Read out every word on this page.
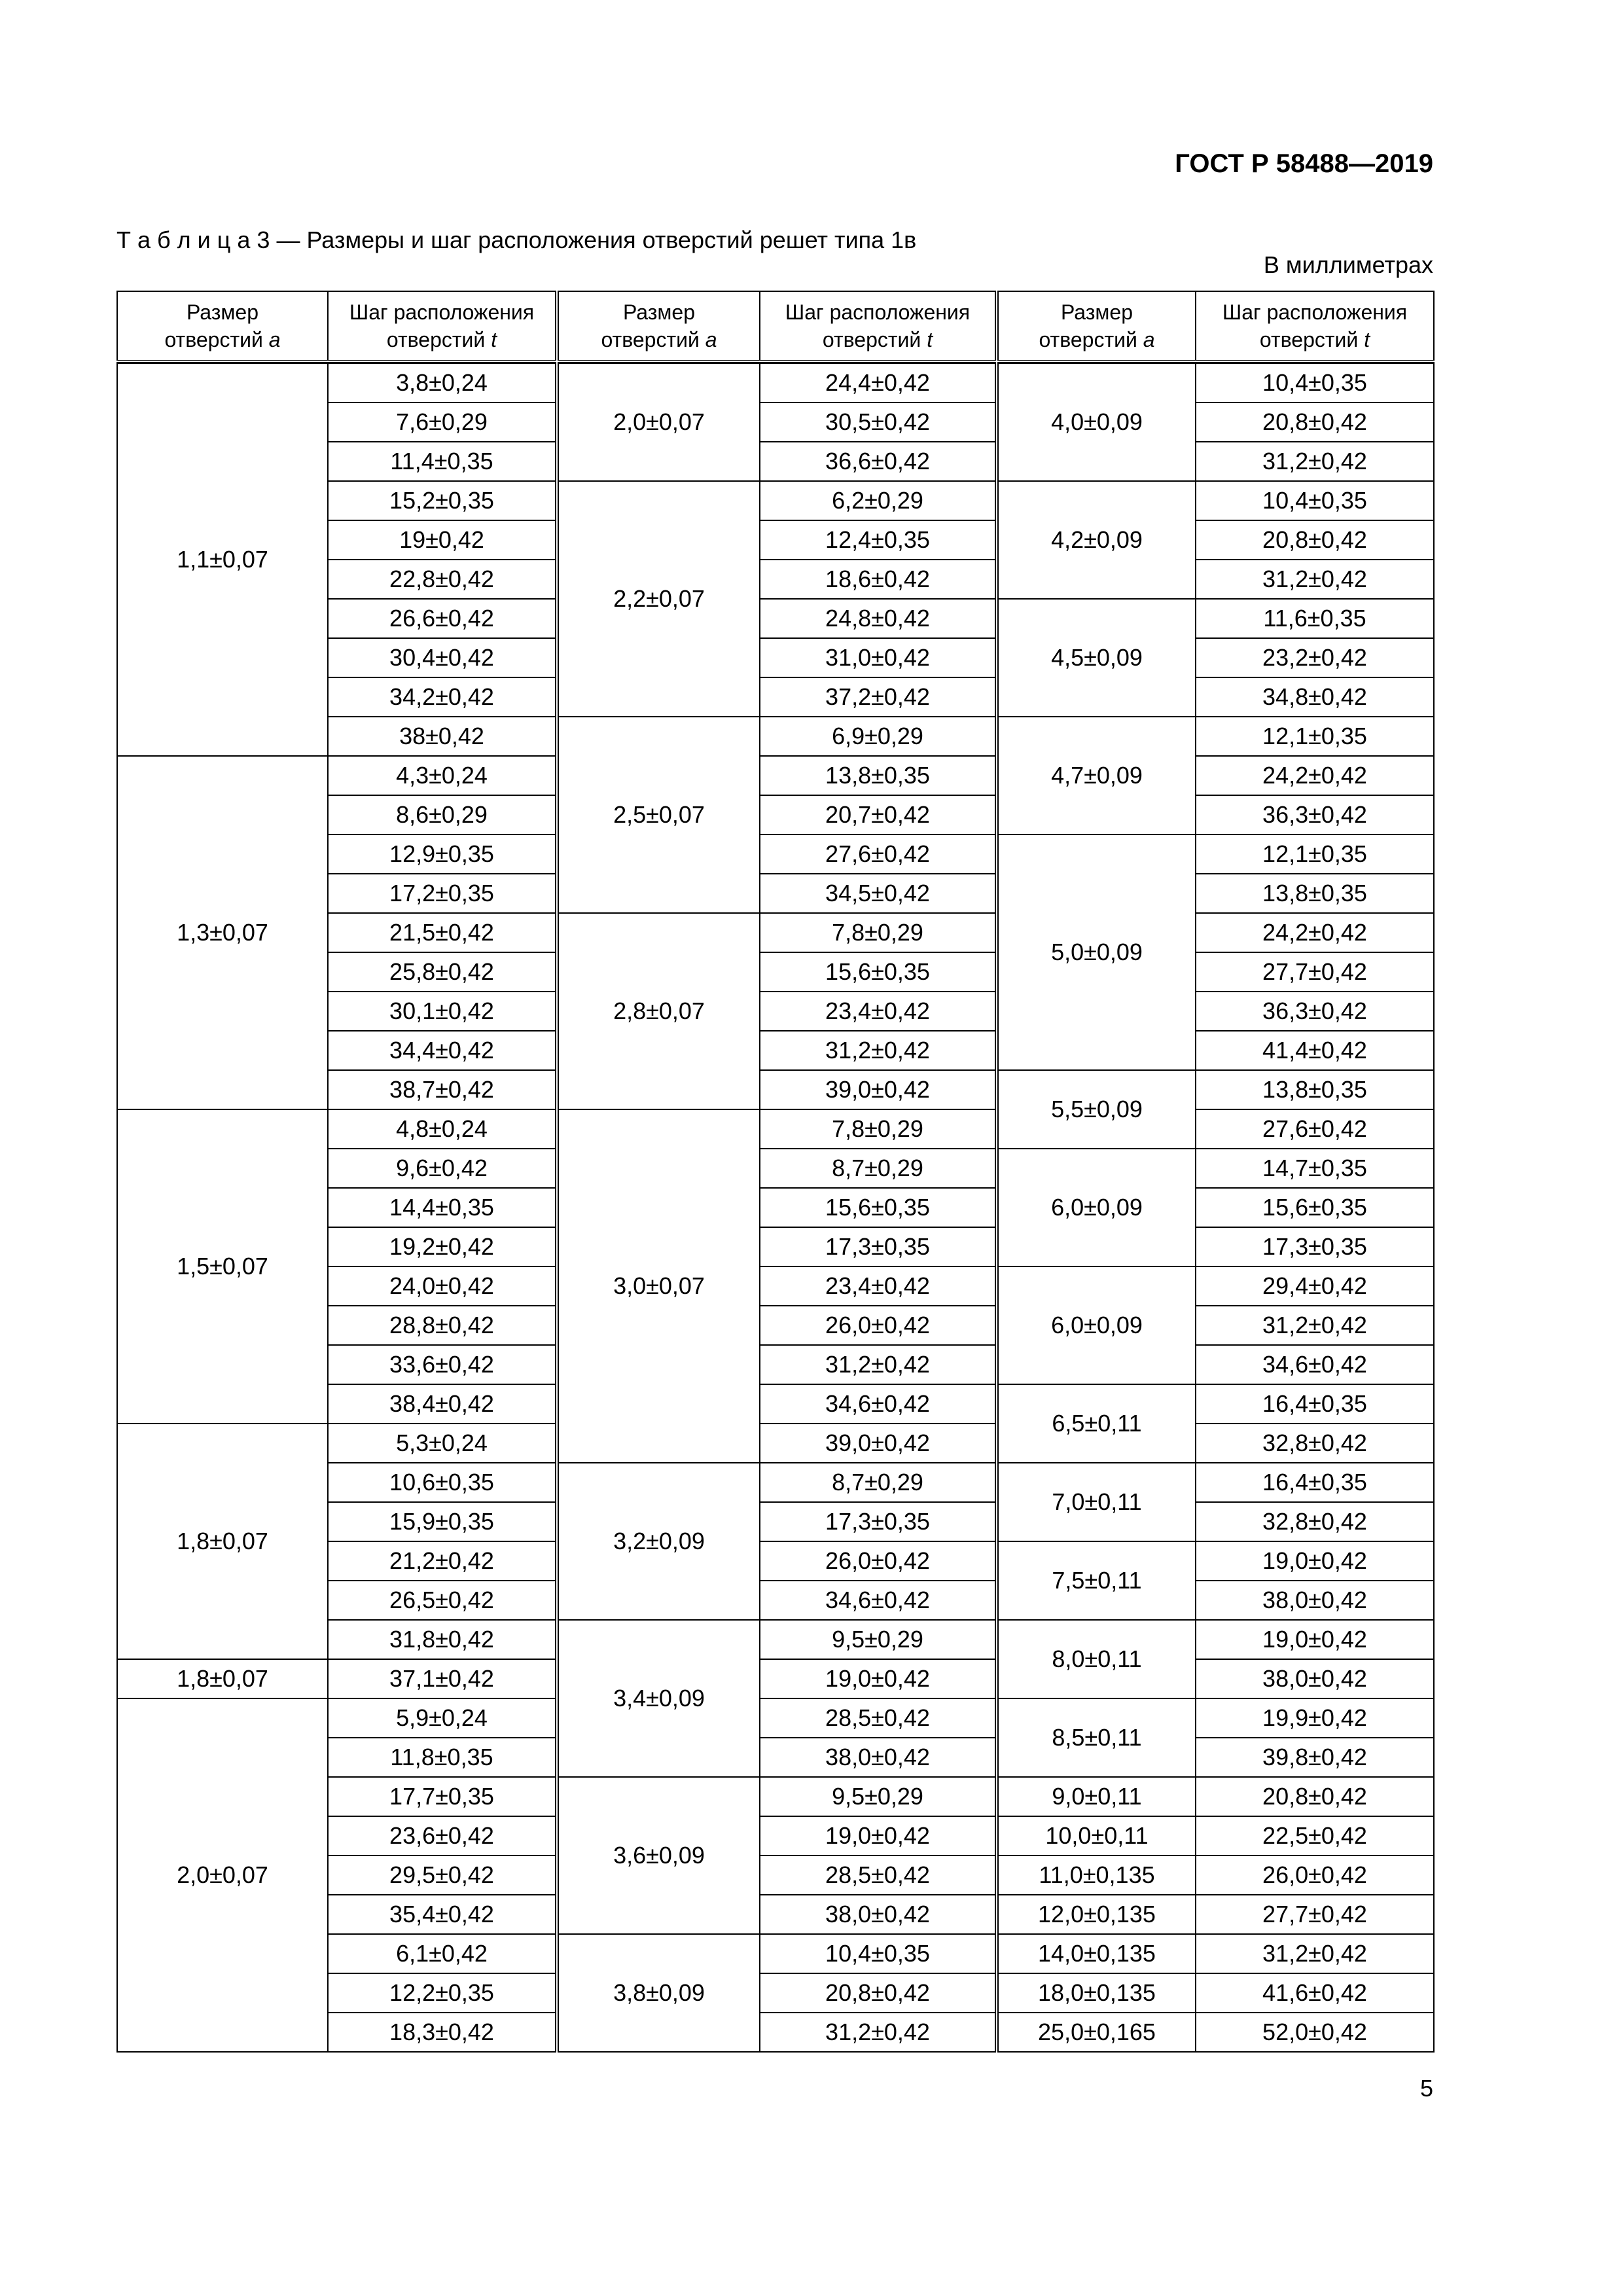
ГОСТ Р 58488—2019
Т а б л и ц а 3 — Размеры и шаг расположения отверстий решет типа 1в
В миллиметрах
Размер
отверстий a	Шаг расположения
отверстий t

1,1±0,07	3,8±0,24
	7,6±0,29
	11,4±0,35
	15,2±0,35
	19±0,42
	22,8±0,42
	26,6±0,42
	30,4±0,42
	34,2±0,42
	38±0,42
1,3±0,07	4,3±0,24
	8,6±0,29
	12,9±0,35
	17,2±0,35
	21,5±0,42
	25,8±0,42
	30,1±0,42
	34,4±0,42
	38,7±0,42
1,5±0,07	4,8±0,24
	9,6±0,42
	14,4±0,35
	19,2±0,42
	24,0±0,42
	28,8±0,42
	33,6±0,42
	38,4±0,42
1,8±0,07	5,3±0,24
	10,6±0,35
	15,9±0,35
	21,2±0,42
	26,5±0,42
	31,8±0,42
1,8±0,07	37,1±0,42
2,0±0,07	5,9±0,24
	11,8±0,35
	17,7±0,35
	23,6±0,42
	29,5±0,42
	35,4±0,42
	6,1±0,42
	12,2±0,35
	18,3±0,42
Размер
отверстий a	Шаг расположения
отверстий t

2,0±0,07	24,4±0,42
	30,5±0,42
	36,6±0,42
2,2±0,07	6,2±0,29
	12,4±0,35
	18,6±0,42
	24,8±0,42
	31,0±0,42
	37,2±0,42
2,5±0,07	6,9±0,29
	13,8±0,35
	20,7±0,42
	27,6±0,42
	34,5±0,42
2,8±0,07	7,8±0,29
	15,6±0,35
	23,4±0,42
	31,2±0,42
	39,0±0,42
3,0±0,07	7,8±0,29
	8,7±0,29
	15,6±0,35
	17,3±0,35
	23,4±0,42
	26,0±0,42
	31,2±0,42
	34,6±0,42
	39,0±0,42
3,2±0,09	8,7±0,29
	17,3±0,35
	26,0±0,42
	34,6±0,42
3,4±0,09	9,5±0,29
	19,0±0,42
	28,5±0,42
	38,0±0,42
3,6±0,09	9,5±0,29
	19,0±0,42
	28,5±0,42
	38,0±0,42
3,8±0,09	10,4±0,35
	20,8±0,42
	31,2±0,42
Размер
отверстий a	Шаг расположения
отверстий t

4,0±0,09	10,4±0,35
	20,8±0,42
	31,2±0,42
4,2±0,09	10,4±0,35
	20,8±0,42
	31,2±0,42
4,5±0,09	11,6±0,35
	23,2±0,42
	34,8±0,42
4,7±0,09	12,1±0,35
	24,2±0,42
	36,3±0,42
5,0±0,09	12,1±0,35
	13,8±0,35
	24,2±0,42
	27,7±0,42
	36,3±0,42
	41,4±0,42
5,5±0,09	13,8±0,35
	27,6±0,42
6,0±0,09	14,7±0,35
	15,6±0,35
	17,3±0,35
6,0±0,09	29,4±0,42
	31,2±0,42
	34,6±0,42
6,5±0,11	16,4±0,35
	32,8±0,42
7,0±0,11	16,4±0,35
	32,8±0,42
7,5±0,11	19,0±0,42
	38,0±0,42
8,0±0,11	19,0±0,42
	38,0±0,42
8,5±0,11	19,9±0,42
	39,8±0,42
9,0±0,11	20,8±0,42
10,0±0,11	22,5±0,42
11,0±0,135	26,0±0,42
12,0±0,135	27,7±0,42
14,0±0,135	31,2±0,42
18,0±0,135	41,6±0,42
25,0±0,165	52,0±0,42
5
